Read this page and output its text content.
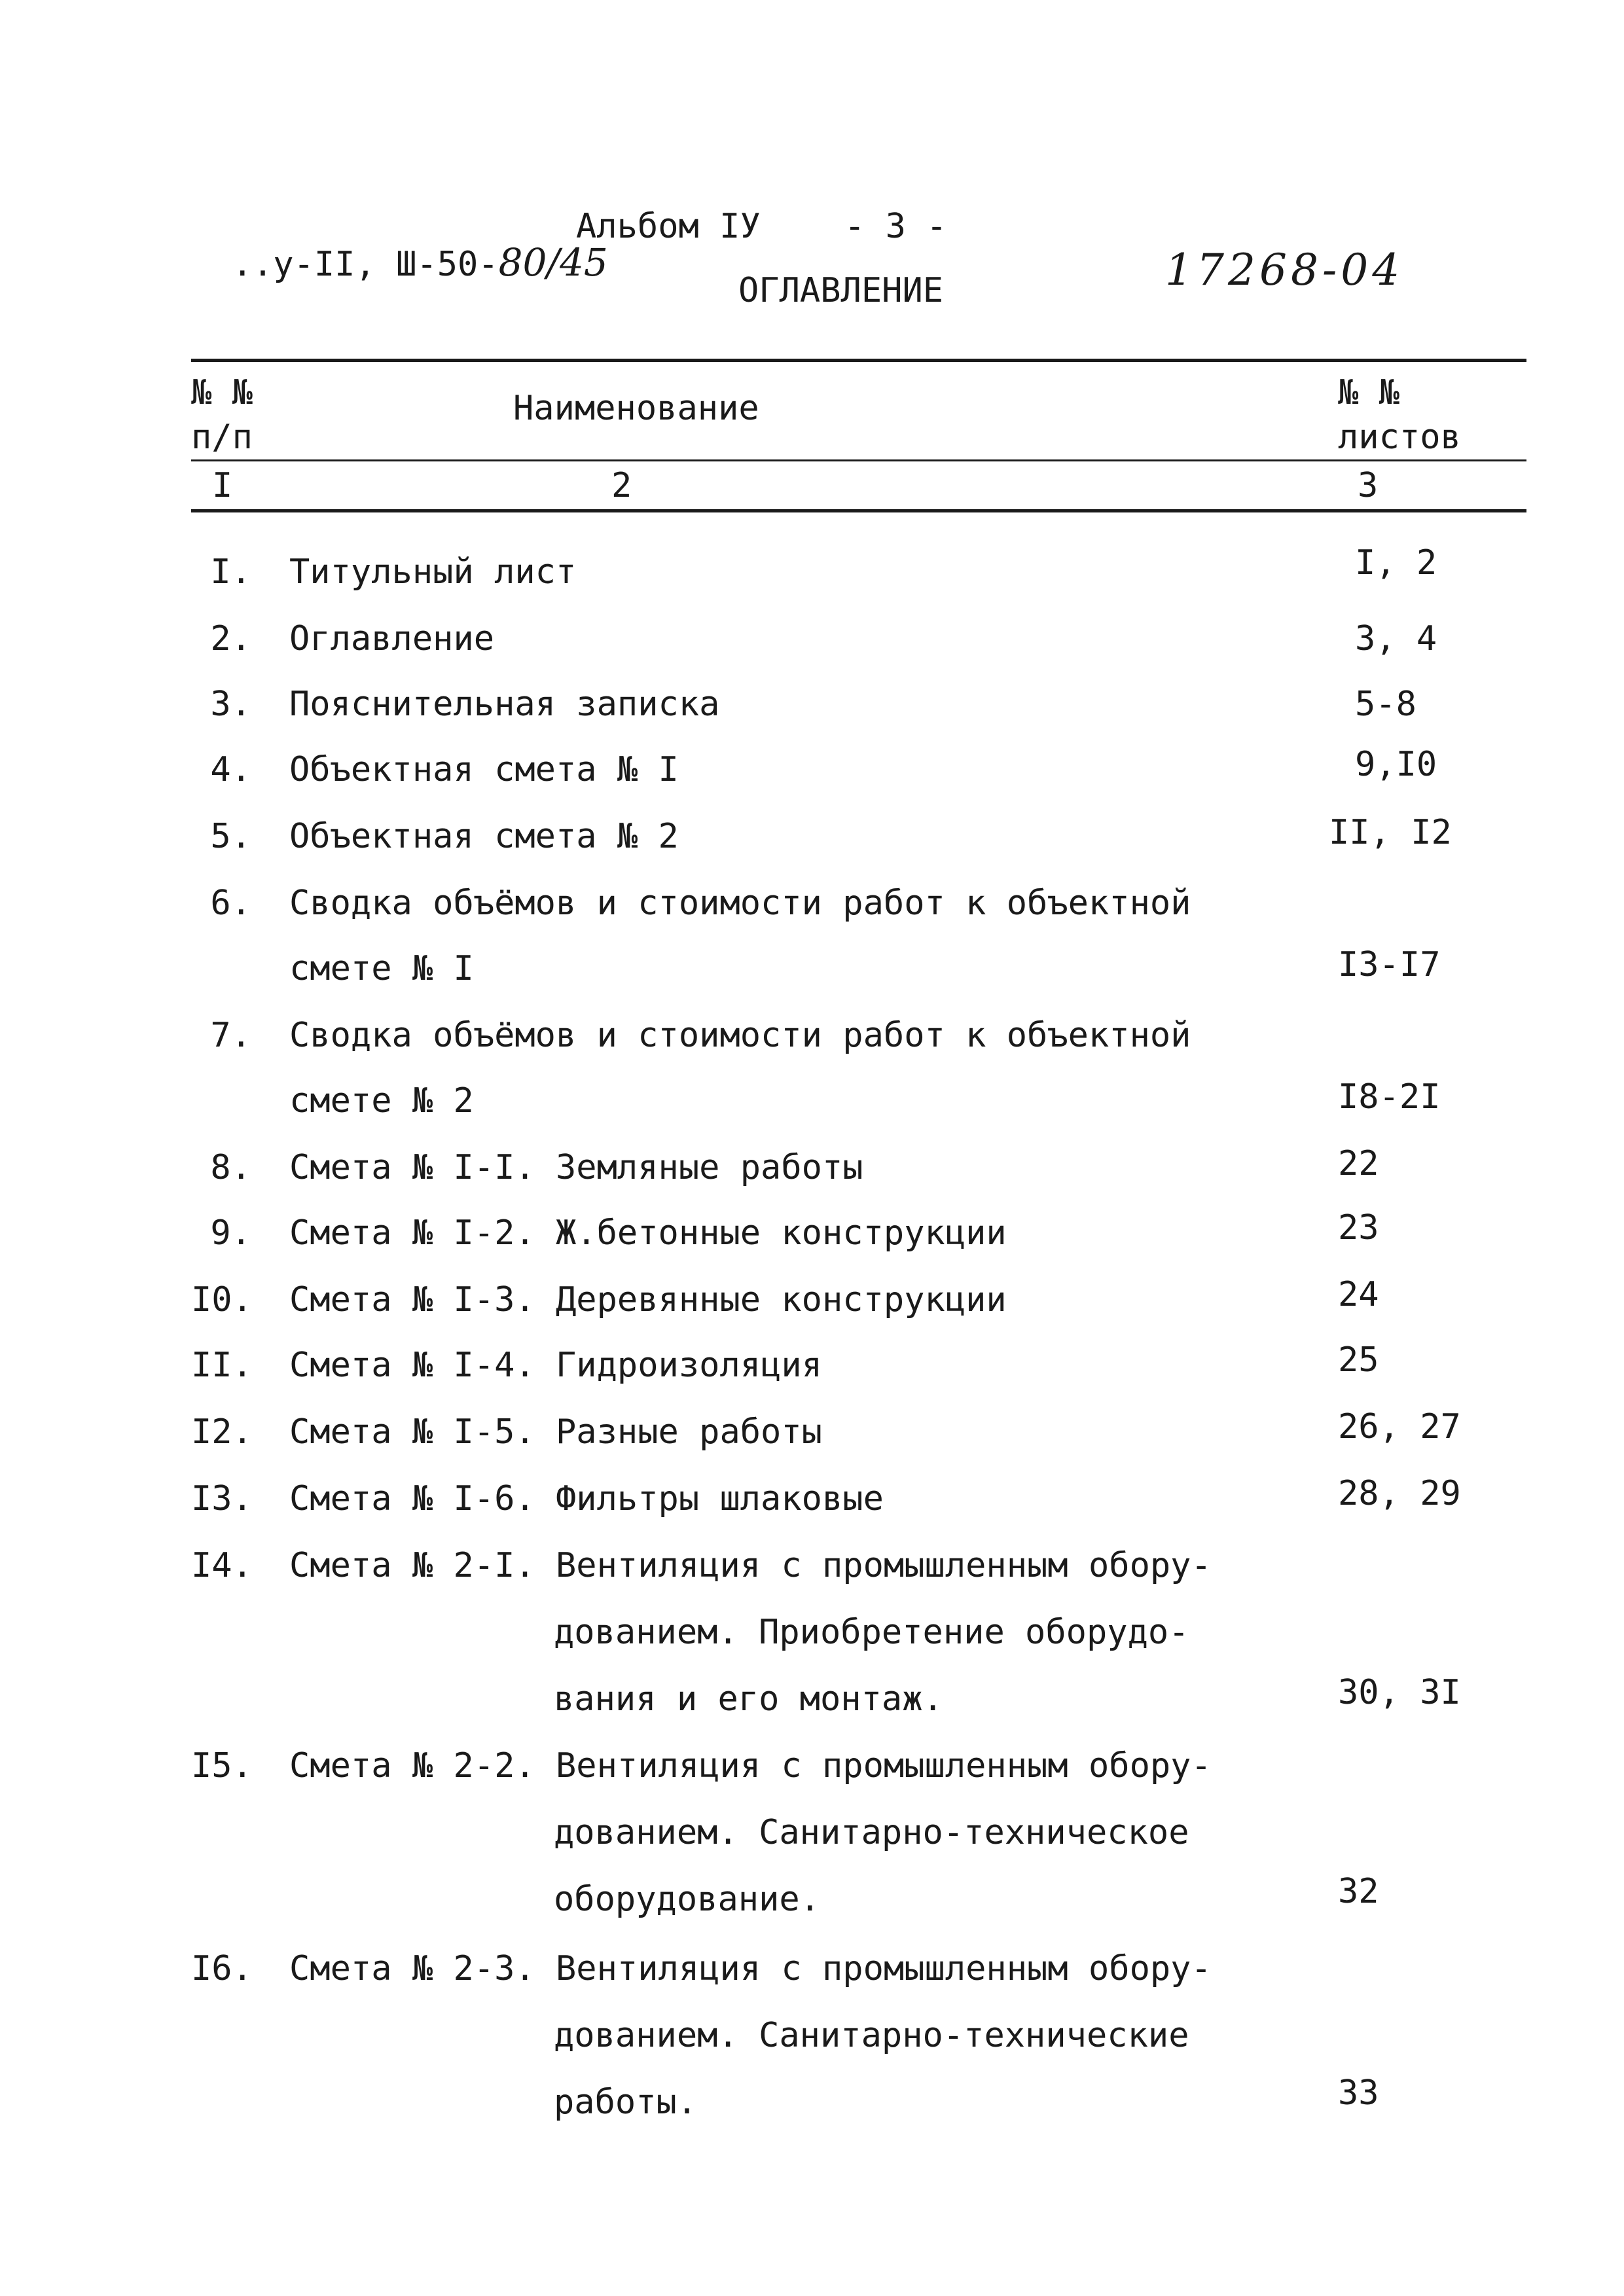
..у-II, Ш-50-80/45

Альбом IУ - 3 -
17268-04
ОГЛАВЛЕНИЕ
№ №
п/п
Наименование	№ №
листов
I	2	3
I. Титульный лист	I, 2
2. Оглавление	3, 4
3. Пояснительная записка	5-8
4. Объектная смета № I	9,I0
5. Объектная смета № 2	II, I2
6. Сводка объёмов и стоимости работ к объектной
смете № I	I3-I7
7. Сводка объёмов и стоимости работ к объектной
смете № 2	I8-2I
8. Смета № I-I. Земляные работы	22
9. Смета № I-2. Ж.бетонные конструкции	23
I0. Смета № I-3. Деревянные конструкции	24
II. Смета № I-4. Гидроизоляция	25
I2. Смета № I-5. Разные работы	26, 27
I3. Смета № I-6. Фильтры шлаковые	28, 29
I4. Смета № 2-I. Вентиляция с промышленным обору-
дованием. Приобретение оборудо-
вания и его монтаж.	30, 3I
I5. Смета № 2-2. Вентиляция с промышленным обору-
дованием. Санитарно-техническое
оборудование.	32
I6. Смета № 2-3. Вентиляция с промышленным обору-
дованием. Санитарно-технические
работы.	33
